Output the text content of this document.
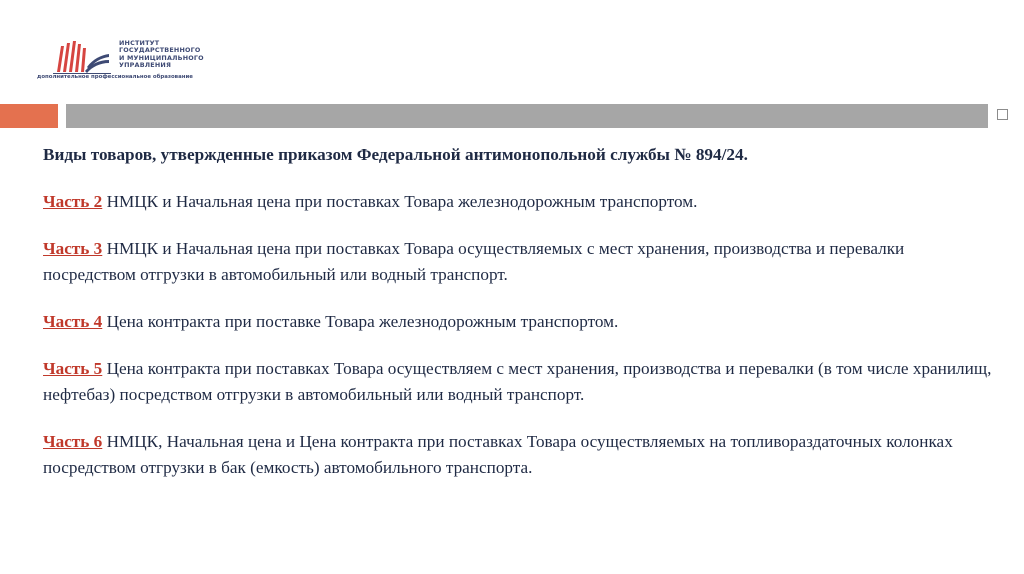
ИНСТИТУТ
ГОСУДАРСТВЕННОГО
И МУНИЦИПАЛЬНОГО
УПРАВЛЕНИЯ
дополнительное профессиональное образование
Виды товаров, утвержденные приказом Федеральной антимонопольной службы № 894/24.
Часть 2 НМЦК и Начальная цена при поставках Товара железнодорожным транспортом.
Часть 3 НМЦК и Начальная цена при поставках Товара осуществляемых с мест хранения, производства и перевалки посредством отгрузки в автомобильный или водный транспорт.
Часть 4 Цена контракта при поставке Товара железнодорожным транспортом.
Часть 5 Цена контракта при поставках Товара осуществляем с мест хранения, производства и перевалки (в том числе хранилищ, нефтебаз) посредством отгрузки в автомобильный или водный транспорт.
Часть 6 НМЦК, Начальная цена и Цена контракта при поставках Товара осуществляемых на топливораздаточных колонках посредством отгрузки в бак (емкость) автомобильного транспорта.
